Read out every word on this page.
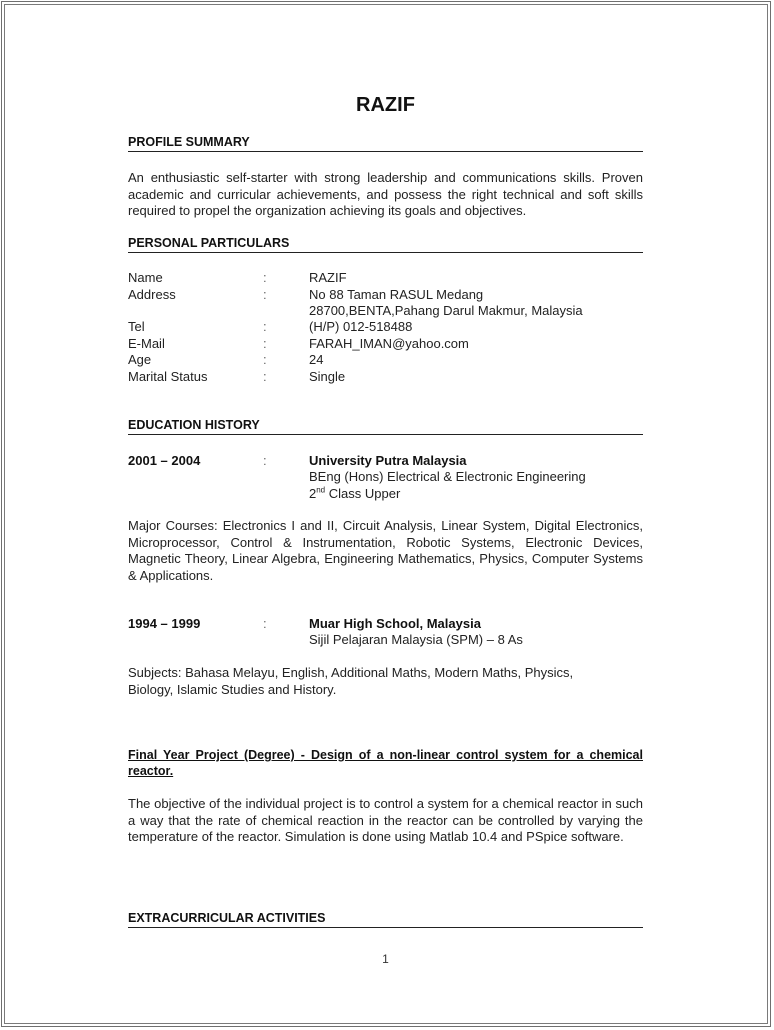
RAZIF
PROFILE SUMMARY
An enthusiastic self-starter with strong leadership and communications skills. Proven academic and curricular achievements, and possess the right technical and soft skills required to propel the organization achieving its goals and objectives.
PERSONAL PARTICULARS
Name	:	RAZIF
Address	:	No 88 Taman RASUL Medang
28700,BENTA,Pahang Darul Makmur, Malaysia
Tel	:	(H/P) 012-518488
E-Mail	:	FARAH_IMAN@yahoo.com
Age	:	24
Marital Status	:	Single
EDUCATION HISTORY
2001 – 2004	:	University Putra Malaysia
BEng (Hons) Electrical & Electronic Engineering
2nd Class Upper
Major Courses: Electronics I and II, Circuit Analysis, Linear System, Digital Electronics, Microprocessor, Control & Instrumentation, Robotic Systems, Electronic Devices, Magnetic Theory, Linear Algebra, Engineering Mathematics, Physics, Computer Systems & Applications.
1994 – 1999	:	Muar High School, Malaysia
Sijil Pelajaran Malaysia (SPM) – 8 As
Subjects: Bahasa Melayu, English, Additional Maths, Modern Maths, Physics, Biology, Islamic Studies and History.
Final Year Project (Degree) - Design of a non-linear control system for a chemical reactor.
The objective of the individual project is to control a system for a chemical reactor in such a way that the rate of chemical reaction in the reactor can be controlled by varying the temperature of the reactor. Simulation is done using Matlab 10.4 and PSpice software.
EXTRACURRICULAR ACTIVITIES
1
